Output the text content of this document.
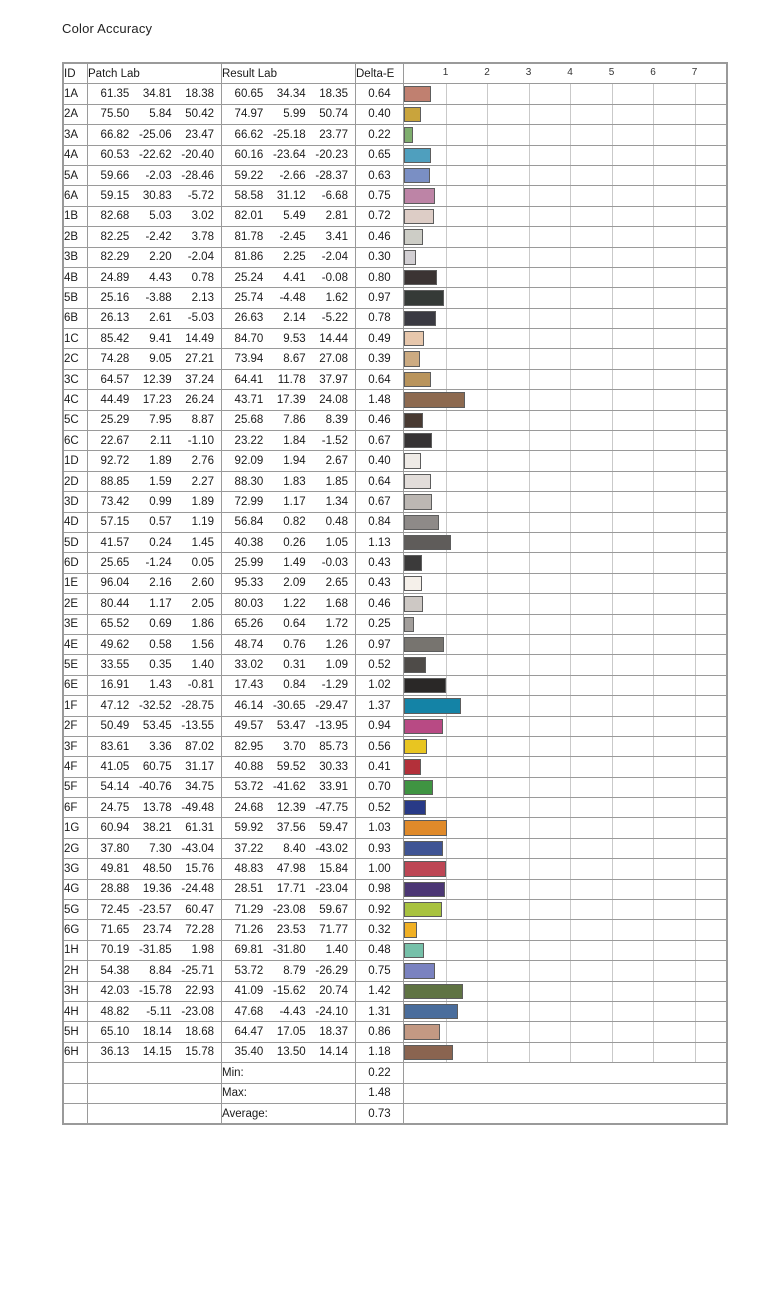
Color Accuracy
ID	Patch Lab	Result Lab	Delta-E	1	2	3	4	5	6	7

1A	61.35 34.81 18.38	60.65 34.34 18.35	0.64	

2A	75.50 5.84 50.42	74.97 5.99 50.74	0.40	

3A	66.82 -25.06 23.47	66.62 -25.18 23.77	0.22	

4A	60.53 -22.62 -20.40	60.16 -23.64 -20.23	0.65	

5A	59.66 -2.03 -28.46	59.22 -2.66 -28.37	0.63	

6A	59.15 30.83 -5.72	58.58 31.12 -6.68	0.75	

1B	82.68 5.03 3.02	82.01 5.49 2.81	0.72	

2B	82.25 -2.42 3.78	81.78 -2.45 3.41	0.46	

3B	82.29 2.20 -2.04	81.86 2.25 -2.04	0.30	

4B	24.89 4.43 0.78	25.24 4.41 -0.08	0.80	

5B	25.16 -3.88 2.13	25.74 -4.48 1.62	0.97	

6B	26.13 2.61 -5.03	26.63 2.14 -5.22	0.78	

1C	85.42 9.41 14.49	84.70 9.53 14.44	0.49	

2C	74.28 9.05 27.21	73.94 8.67 27.08	0.39	

3C	64.57 12.39 37.24	64.41 11.78 37.97	0.64	

4C	44.49 17.23 26.24	43.71 17.39 24.08	1.48	

5C	25.29 7.95 8.87	25.68 7.86 8.39	0.46	

6C	22.67 2.11 -1.10	23.22 1.84 -1.52	0.67	

1D	92.72 1.89 2.76	92.09 1.94 2.67	0.40	

2D	88.85 1.59 2.27	88.30 1.83 1.85	0.64	

3D	73.42 0.99 1.89	72.99 1.17 1.34	0.67	

4D	57.15 0.57 1.19	56.84 0.82 0.48	0.84	

5D	41.57 0.24 1.45	40.38 0.26 1.05	1.13	

6D	25.65 -1.24 0.05	25.99 1.49 -0.03	0.43	

1E	96.04 2.16 2.60	95.33 2.09 2.65	0.43	

2E	80.44 1.17 2.05	80.03 1.22 1.68	0.46	

3E	65.52 0.69 1.86	65.26 0.64 1.72	0.25	

4E	49.62 0.58 1.56	48.74 0.76 1.26	0.97	

5E	33.55 0.35 1.40	33.02 0.31 1.09	0.52	

6E	16.91 1.43 -0.81	17.43 0.84 -1.29	1.02	

1F	47.12 -32.52 -28.75	46.14 -30.65 -29.47	1.37	

2F	50.49 53.45 -13.55	49.57 53.47 -13.95	0.94	

3F	83.61 3.36 87.02	82.95 3.70 85.73	0.56	

4F	41.05 60.75 31.17	40.88 59.52 30.33	0.41	

5F	54.14 -40.76 34.75	53.72 -41.62 33.91	0.70	

6F	24.75 13.78 -49.48	24.68 12.39 -47.75	0.52	

1G	60.94 38.21 61.31	59.92 37.56 59.47	1.03	

2G	37.80 7.30 -43.04	37.22 8.40 -43.02	0.93	

3G	49.81 48.50 15.76	48.83 47.98 15.84	1.00	

4G	28.88 19.36 -24.48	28.51 17.71 -23.04	0.98	

5G	72.45 -23.57 60.47	71.29 -23.08 59.67	0.92	

6G	71.65 23.74 72.28	71.26 23.53 71.77	0.32	

1H	70.19 -31.85 1.98	69.81 -31.80 1.40	0.48	

2H	54.38 8.84 -25.71	53.72 8.79 -26.29	0.75	

3H	42.03 -15.78 22.93	41.09 -15.62 20.74	1.42	

4H	48.82 -5.11 -23.08	47.68 -4.43 -24.10	1.31	

5H	65.10 18.14 18.68	64.47 17.05 18.37	0.86	

6H	36.13 14.15 15.78	35.40 13.50 14.14	1.18	

		Min:	0.22	
		Max:	1.48	
		Average:	0.73	
